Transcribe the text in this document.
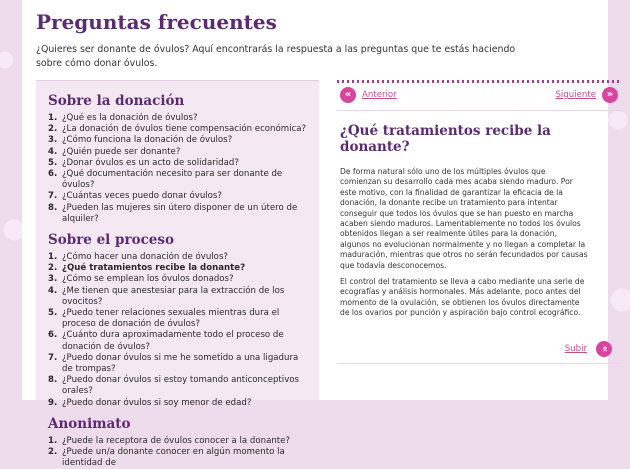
Preguntas frecuentes

¿Quieres ser donante de óvulos? Aquí encontrarás la respuesta a las preguntas que te estás haciendo sobre cómo donar óvulos.

Sobre la donación
1. ¿Qué es la donación de óvulos?
2. ¿La donación de óvulos tiene compensación económica?
3. ¿Cómo funciona la donación de óvulos?
4. ¿Quién puede ser donante?
5. ¿Donar óvulos es un acto de solidaridad?
6. ¿Qué documentación necesito para ser donante de óvulos?
7. ¿Cuántas veces puedo donar óvulos?
8. ¿Pueden las mujeres sin útero disponer de un útero de alquiler?
Sobre el proceso
1. ¿Cómo hacer una donación de óvulos?
2. ¿Qué tratamientos recibe la donante?
3. ¿Cómo se emplean los óvulos donados?
4. ¿Me tienen que anestesiar para la extracción de los ovocitos?
5. ¿Puedo tener relaciones sexuales mientras dura el proceso de donación de óvulos?
6. ¿Cuánto dura aproximadamente todo el proceso de donación de óvulos?
7. ¿Puedo donar óvulos si me he sometido a una ligadura de trompas?
8. ¿Puedo donar óvulos si estoy tomando anticonceptivos orales?
9. ¿Puedo donar óvulos si soy menor de edad?
Anonimato
1. ¿Puede la receptora de óvulos conocer a la donante?
2. ¿Puede un/a donante conocer en algún momento la identidad de
«	Anterior	Siguiente	»
¿Qué tratamientos recibe la donante?

De forma natural sólo uno de los múltiples óvulos que comienzan su desarrollo cada mes acaba siendo maduro. Por este motivo, con la finalidad de garantizar la eficacia de la donación, la donante recibe un tratamiento para intentar conseguir que todos los óvulos que se han puesto en marcha acaben siendo maduros. Lamentablemente no todos los óvulos obtenidos llegan a ser realmente útiles para la donación, algunos no evolucionan normalmente y no llegan a completar la maduración, mientras que otros no serán fecundados por causas que todavía desconocemos.

El control del tratamiento se lleva a cabo mediante una serie de ecografías y análisis hormonales. Más adelante, poco antes del momento de la ovulación, se obtienen los óvulos directamente de los ovarios por punción y aspiración bajo control ecográfico.

Subir	«
